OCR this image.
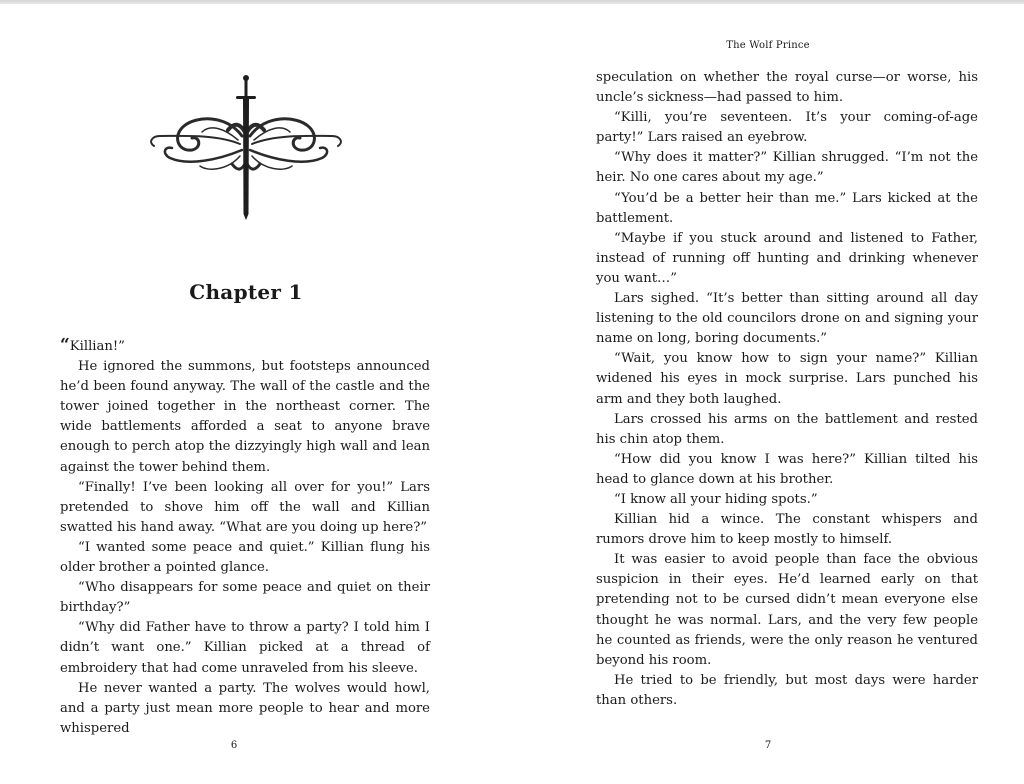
Chapter 1

“Killian!”

He ignored the summons, but footsteps announced he’d been found anyway. The wall of the castle and the tower joined together in the northeast corner. The wide battlements afforded a seat to anyone brave enough to perch atop the dizzyingly high wall and lean against the tower behind them.

“Finally! I’ve been looking all over for you!” Lars pretended to shove him off the wall and Killian swatted his hand away. “What are you doing up here?”

“I wanted some peace and quiet.” Killian flung his older brother a pointed glance.

“Who disappears for some peace and quiet on their birthday?”

“Why did Father have to throw a party? I told him I didn’t want one.” Killian picked at a thread of embroidery that had come unraveled from his sleeve.

He never wanted a party. The wolves would howl, and a party just mean more people to hear and more whispered

6
The Wolf Prince

speculation on whether the royal curse—or worse, his uncle’s sickness—had passed to him.

“Killi, you’re seventeen. It’s your coming-of-age party!” Lars raised an eyebrow.

“Why does it matter?” Killian shrugged. “I’m not the heir. No one cares about my age.”

“You’d be a better heir than me.” Lars kicked at the battlement.

“Maybe if you stuck around and listened to Father, instead of running off hunting and drinking whenever you want…”

Lars sighed. “It’s better than sitting around all day listening to the old councilors drone on and signing your name on long, boring documents.”

“Wait, you know how to sign your name?” Killian widened his eyes in mock surprise. Lars punched his arm and they both laughed.

Lars crossed his arms on the battlement and rested his chin atop them.

“How did you know I was here?” Killian tilted his head to glance down at his brother.

“I know all your hiding spots.”

Killian hid a wince. The constant whispers and rumors drove him to keep mostly to himself.

It was easier to avoid people than face the obvious suspicion in their eyes. He’d learned early on that pretending not to be cursed didn’t mean everyone else thought he was normal. Lars, and the very few people he counted as friends, were the only reason he ventured beyond his room.

He tried to be friendly, but most days were harder than others.

7
